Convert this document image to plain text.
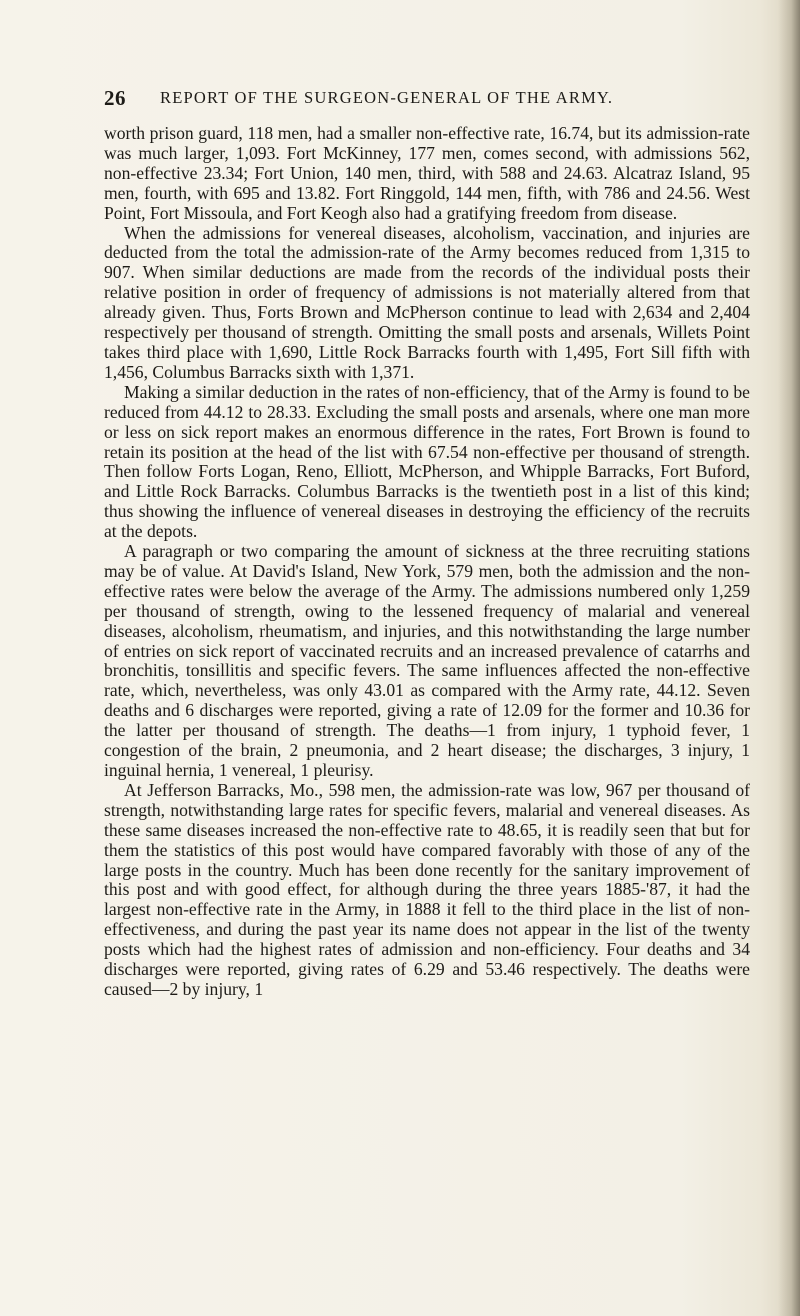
26 REPORT OF THE SURGEON-GENERAL OF THE ARMY.

worth prison guard, 118 men, had a smaller non-effective rate, 16.74, but its admission-rate was much larger, 1,093. Fort McKinney, 177 men, comes second, with admissions 562, non-effective 23.34; Fort Union, 140 men, third, with 588 and 24.63. Alcatraz Island, 95 men, fourth, with 695 and 13.82. Fort Ringgold, 144 men, fifth, with 786 and 24.56. West Point, Fort Missoula, and Fort Keogh also had a gratifying freedom from disease.

When the admissions for venereal diseases, alcoholism, vaccination, and injuries are deducted from the total the admission-rate of the Army becomes reduced from 1,315 to 907. When similar deductions are made from the records of the individual posts their relative position in order of frequency of admissions is not materially altered from that already given. Thus, Forts Brown and McPherson continue to lead with 2,634 and 2,404 respectively per thousand of strength. Omitting the small posts and arsenals, Willets Point takes third place with 1,690, Little Rock Barracks fourth with 1,495, Fort Sill fifth with 1,456, Columbus Barracks sixth with 1,371.

Making a similar deduction in the rates of non-efficiency, that of the Army is found to be reduced from 44.12 to 28.33. Excluding the small posts and arsenals, where one man more or less on sick report makes an enormous difference in the rates, Fort Brown is found to retain its position at the head of the list with 67.54 non-effective per thousand of strength. Then follow Forts Logan, Reno, Elliott, McPherson, and Whipple Barracks, Fort Buford, and Little Rock Barracks. Columbus Barracks is the twentieth post in a list of this kind; thus showing the influence of venereal diseases in destroying the efficiency of the recruits at the depots.

A paragraph or two comparing the amount of sickness at the three recruiting stations may be of value. At David's Island, New York, 579 men, both the admission and the non-effective rates were below the average of the Army. The admissions numbered only 1,259 per thousand of strength, owing to the lessened frequency of malarial and venereal diseases, alcoholism, rheumatism, and injuries, and this notwithstanding the large number of entries on sick report of vaccinated recruits and an increased prevalence of catarrhs and bronchitis, tonsillitis and specific fevers. The same influences affected the non-effective rate, which, nevertheless, was only 43.01 as compared with the Army rate, 44.12. Seven deaths and 6 discharges were reported, giving a rate of 12.09 for the former and 10.36 for the latter per thousand of strength. The deaths—1 from injury, 1 typhoid fever, 1 congestion of the brain, 2 pneumonia, and 2 heart disease; the discharges, 3 injury, 1 inguinal hernia, 1 venereal, 1 pleurisy.

At Jefferson Barracks, Mo., 598 men, the admission-rate was low, 967 per thousand of strength, notwithstanding large rates for specific fevers, malarial and venereal diseases. As these same diseases increased the non-effective rate to 48.65, it is readily seen that but for them the statistics of this post would have compared favorably with those of any of the large posts in the country. Much has been done recently for the sanitary improvement of this post and with good effect, for although during the three years 1885-'87, it had the largest non-effective rate in the Army, in 1888 it fell to the third place in the list of non-effectiveness, and during the past year its name does not appear in the list of the twenty posts which had the highest rates of admission and non-efficiency. Four deaths and 34 discharges were reported, giving rates of 6.29 and 53.46 respectively. The deaths were caused—2 by injury, 1
